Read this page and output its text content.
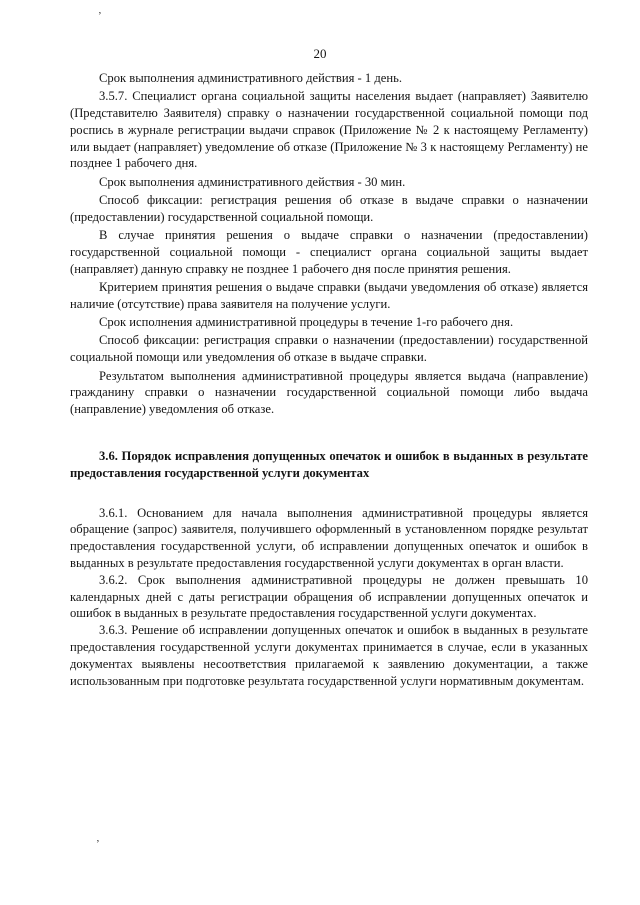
’
20

Срок выполнения административного действия - 1 день.

3.5.7. Специалист органа социальной защиты населения выдает (направляет) Заявителю (Представителю Заявителя) справку о назначении государственной социальной помощи под роспись в журнале регистрации выдачи справок (Приложение № 2 к настоящему Регламенту) или выдает (направляет) уведомление об отказе (Приложение № 3 к настоящему Регламенту) не позднее 1 рабочего дня.

Срок выполнения административного действия - 30 мин.

Способ фиксации: регистрация решения об отказе в выдаче справки о назначении (предоставлении) государственной социальной помощи.

В случае принятия решения о выдаче справки о назначении (предоставлении) государственной социальной помощи - специалист органа социальной защиты выдает (направляет) данную справку не позднее 1 рабочего дня после принятия решения.

Критерием принятия решения о выдаче справки (выдачи уведомления об отказе) является наличие (отсутствие) права заявителя на получение услуги.

Срок исполнения административной процедуры в течение 1-го рабочего дня.

Способ фиксации: регистрация справки о назначении (предоставлении) государственной социальной помощи или уведомления об отказе в выдаче справки.

Результатом выполнения административной процедуры является выдача (направление) гражданину справки о назначении государственной социальной помощи либо выдача (направление) уведомления об отказе.

3.6. Порядок исправления допущенных опечаток и ошибок в выданных в результате предоставления государственной услуги документах

3.6.1. Основанием для начала выполнения административной процедуры является обращение (запрос) заявителя, получившего оформленный в установленном порядке результат предоставления государственной услуги, об исправлении допущенных опечаток и ошибок в выданных в результате предоставления государственной услуги документах в орган власти.

3.6.2. Срок выполнения административной процедуры не должен превышать 10 календарных дней с даты регистрации обращения об исправлении допущенных опечаток и ошибок в выданных в результате предоставления государственной услуги документах.

3.6.3. Решение об исправлении допущенных опечаток и ошибок в выданных в результате предоставления государственной услуги документах принимается в случае, если в указанных документах выявлены несоответствия прилагаемой к заявлению документации, а также использованным при подготовке результата государственной услуги нормативным документам.

’
